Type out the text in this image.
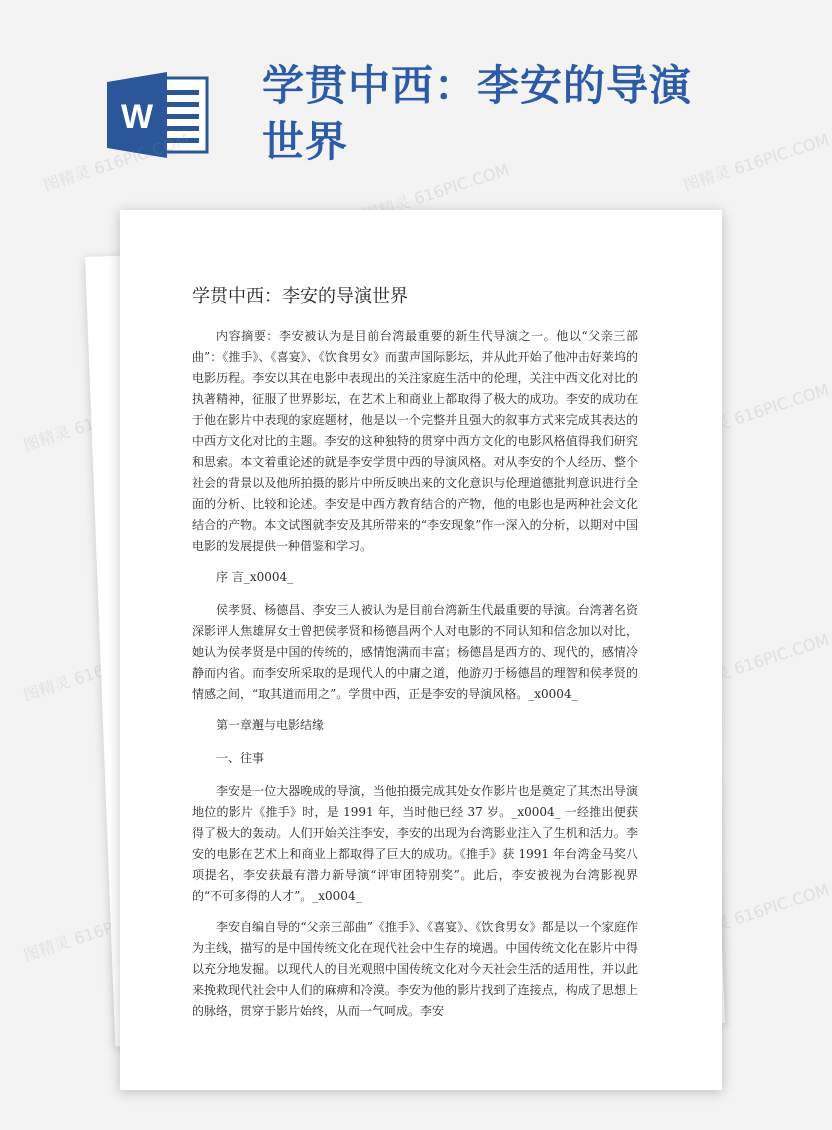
W
学贯中西：李安的导演世界
图精灵 616PIC.COM	图精灵 616PIC.COM	图精灵 616PIC.COM
图精灵	图精灵 616PIC.COM
图精灵 616PIC.COM	图精灵 616PIC.COM
图精灵 616PIC.COM	图精灵 616PIC.COM
学贯中西：李安的导演世界

内容摘要：李安被认为是目前台湾最重要的新生代导演之一。他以“父亲三部曲”：《推手》、《喜宴》、《饮食男女》而蜚声国际影坛，并从此开始了他冲击好莱坞的电影历程。李安以其在电影中表现出的关注家庭生活中的伦理，关注中西文化对比的执著精神，征服了世界影坛，在艺术上和商业上都取得了极大的成功。李安的成功在于他在影片中表现的家庭题材，他是以一个完整并且强大的叙事方式来完成其表达的中西方文化对比的主题。李安的这种独特的贯穿中西方文化的电影风格值得我们研究和思索。本文着重论述的就是李安学贯中西的导演风格。对从李安的个人经历、整个社会的背景以及他所拍摄的影片中所反映出来的文化意识与伦理道德批判意识进行全面的分析、比较和论述。李安是中西方教育结合的产物，他的电影也是两种社会文化结合的产物。本文试图就李安及其所带来的“李安现象”作一深入的分析，以期对中国电影的发展提供一种借鉴和学习。

序 言_x0004_

侯孝贤、杨德昌、李安三人被认为是目前台湾新生代最重要的导演。台湾著名资深影评人焦雄屏女士曾把侯孝贤和杨德昌两个人对电影的不同认知和信念加以对比，她认为侯孝贤是中国的传统的，感情饱满而丰富；杨德昌是西方的、现代的，感情冷静而内省。而李安所采取的是现代人的中庸之道，他游刃于杨德昌的理智和侯孝贤的情感之间，“取其道而用之”。学贯中西，正是李安的导演风格。_x0004_

第一章邂与电影结缘

一、往事

李安是一位大器晚成的导演，当他拍摄完成其处女作影片也是奠定了其杰出导演地位的影片《推手》时，是 1991 年，当时他已经 37 岁。_x0004_ 一经推出便获得了极大的轰动。人们开始关注李安，李安的出现为台湾影业注入了生机和活力。李安的电影在艺术上和商业上都取得了巨大的成功。《推手》获 1991 年台湾金马奖八项提名，李安获最有潜力新导演“评审团特别奖”。此后，李安被视为台湾影视界的“不可多得的人才”。_x0004_

李安自编自导的“父亲三部曲”《推手》、《喜宴》、《饮食男女》都是以一个家庭作为主线，描写的是中国传统文化在现代社会中生存的境遇。中国传统文化在影片中得以充分地发掘。以现代人的目光观照中国传统文化对今天社会生活的适用性，并以此来挽救现代社会中人们的麻痹和冷漠。李安为他的影片找到了连接点，构成了思想上的脉络，贯穿于影片始终，从而一气呵成。李安
